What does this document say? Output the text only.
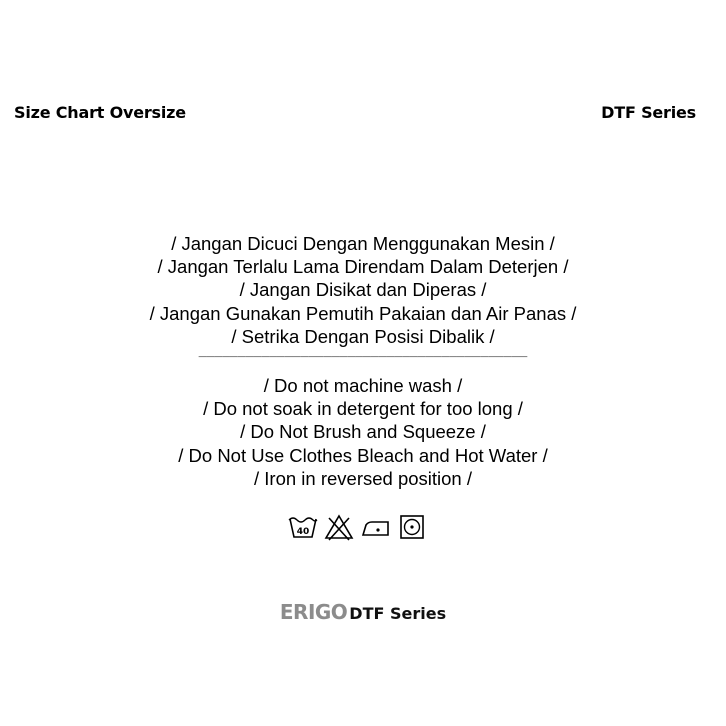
Size Chart Oversize	DTF Series
/ Jangan Dicuci Dengan Menggunakan Mesin /
/ Jangan Terlalu Lama Direndam Dalam Deterjen /
/ Jangan Disikat dan Diperas /
/ Jangan Gunakan Pemutih Pakaian dan Air Panas /
/ Setrika Dengan Posisi Dibalik /
__________________________________________
/ Do not machine wash /
/ Do not soak in detergent for too long /
/ Do Not Brush and Squeeze /
/ Do Not Use Clothes Bleach and Hot Water /
/ Iron in reversed position /
40
ERIGO DTF Series
